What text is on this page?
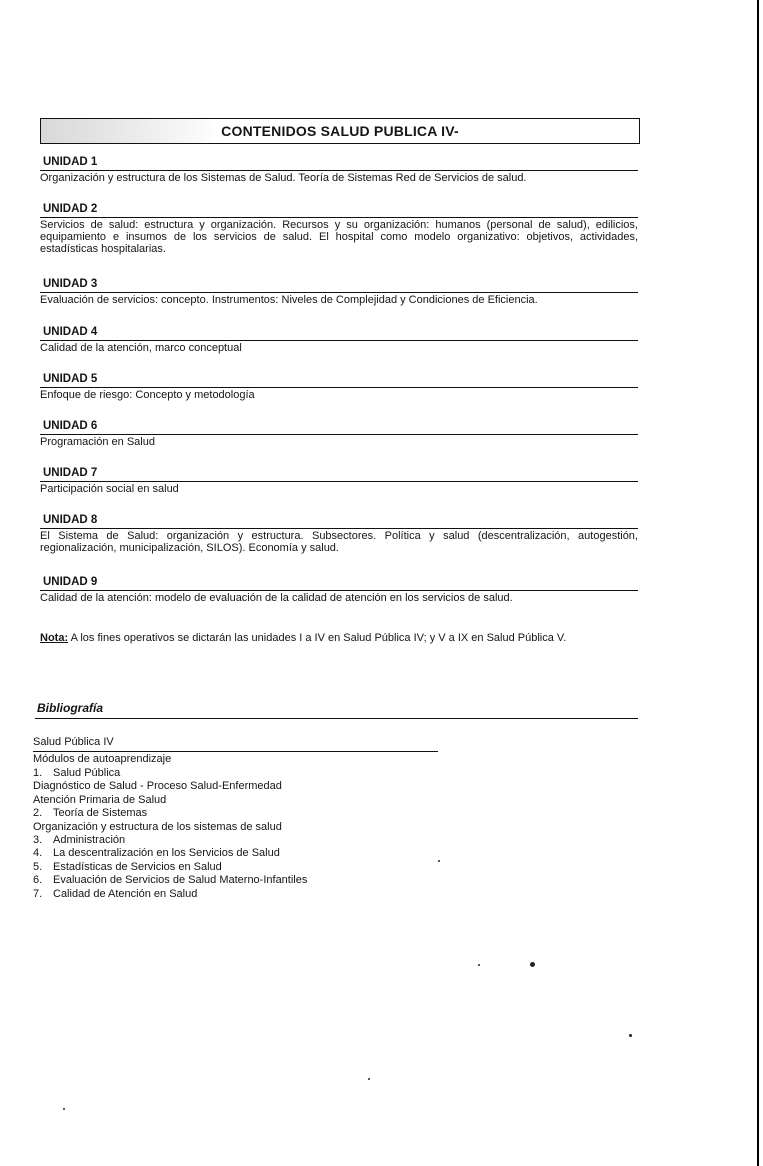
CONTENIDOS SALUD PUBLICA IV-
UNIDAD 1
Organización y estructura de los Sistemas de Salud. Teoría de Sistemas Red de Servicios de salud.
UNIDAD 2
Servicios de salud: estructura y organización. Recursos y su organización: humanos (personal de salud), edilicios, equipamiento e insumos de los servicios de salud. El hospital como modelo organizativo: objetivos, actividades, estadísticas hospitalarias.
UNIDAD 3
Evaluación de servicios: concepto. Instrumentos: Niveles de Complejidad y Condiciones de Eficiencia.
UNIDAD 4
Calidad de la atención, marco conceptual
UNIDAD 5
Enfoque de riesgo: Concepto y metodología
UNIDAD 6
Programación en Salud
UNIDAD 7
Participación social en salud
UNIDAD 8
El Sistema de Salud: organización y estructura. Subsectores. Política y salud (descentralización, autogestión, regionalización, municipalización, SILOS). Economía y salud.
UNIDAD 9
Calidad de la atención: modelo de evaluación de la calidad de atención en los servicios de salud.
Nota: A los fines operativos se dictarán las unidades I a IV en Salud Pública IV; y V a IX en Salud Pública V.
Bibliografía
Salud Pública IV
Módulos de autoaprendizaje
1. Salud Pública
Diagnóstico de Salud - Proceso Salud-Enfermedad
Atención Primaria de Salud
2. Teoría de Sistemas
Organización y estructura de los sistemas de salud
3. Administración
4. La descentralización en los Servicios de Salud
5. Estadísticas de Servicios en Salud
6. Evaluación de Servicios de Salud Materno-Infantiles
7. Calidad de Atención en Salud
